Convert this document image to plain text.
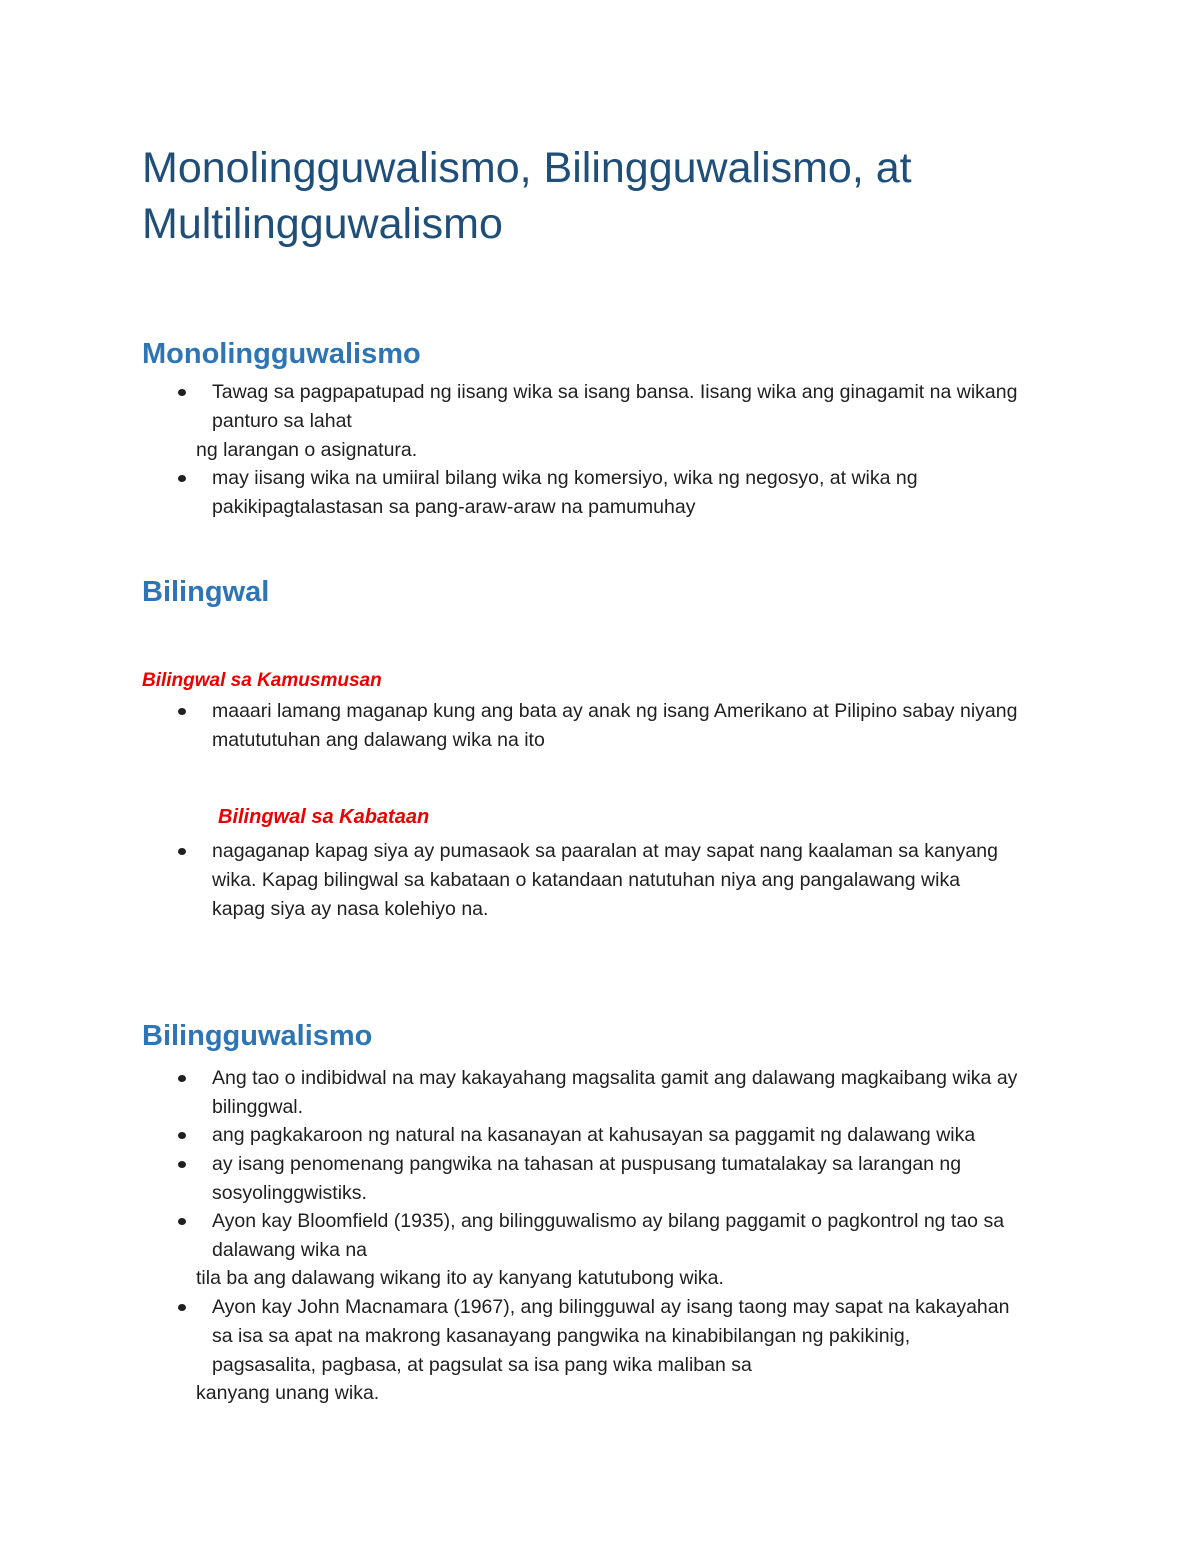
Monolingguwalismo, Bilingguwalismo, at Multilingguwalismo
Monolingguwalismo

Tawag sa pagpapatupad ng iisang wika sa isang bansa. Iisang wika ang ginagamit na wikang panturo sa lahat

ng larangan o asignatura.

may iisang wika na umiiral bilang wika ng komersiyo, wika ng negosyo, at wika ng pakikipagtalastasan sa pang-araw-araw na pamumuhay

Bilingwal
Bilingwal sa Kamusmusan

maaari lamang maganap kung ang bata ay anak ng isang Amerikano at Pilipino sabay niyang matututuhan ang dalawang wika na ito

Bilingwal sa Kabataan

nagaganap kapag siya ay pumasaok sa paaralan at may sapat nang kaalaman sa kanyang wika. Kapag bilingwal sa kabataan o katandaan natutuhan niya ang pangalawang wika kapag siya ay nasa kolehiyo na.

Bilingguwalismo

Ang tao o indibidwal na may kakayahang magsalita gamit ang dalawang magkaibang wika ay bilinggwal.

ang pagkakaroon ng natural na kasanayan at kahusayan sa paggamit ng dalawang wika

ay isang penomenang pangwika na tahasan at puspusang tumatalakay sa larangan ng sosyolinggwistiks.

Ayon kay Bloomfield (1935), ang bilingguwalismo ay bilang paggamit o pagkontrol ng tao sa dalawang wika na

tila ba ang dalawang wikang ito ay kanyang katutubong wika.

Ayon kay John Macnamara (1967), ang bilingguwal ay isang taong may sapat na kakayahan sa isa sa apat na makrong kasanayang pangwika na kinabibilangan ng pakikinig, pagsasalita, pagbasa, at pagsulat sa isa pang wika maliban sa

kanyang unang wika.
